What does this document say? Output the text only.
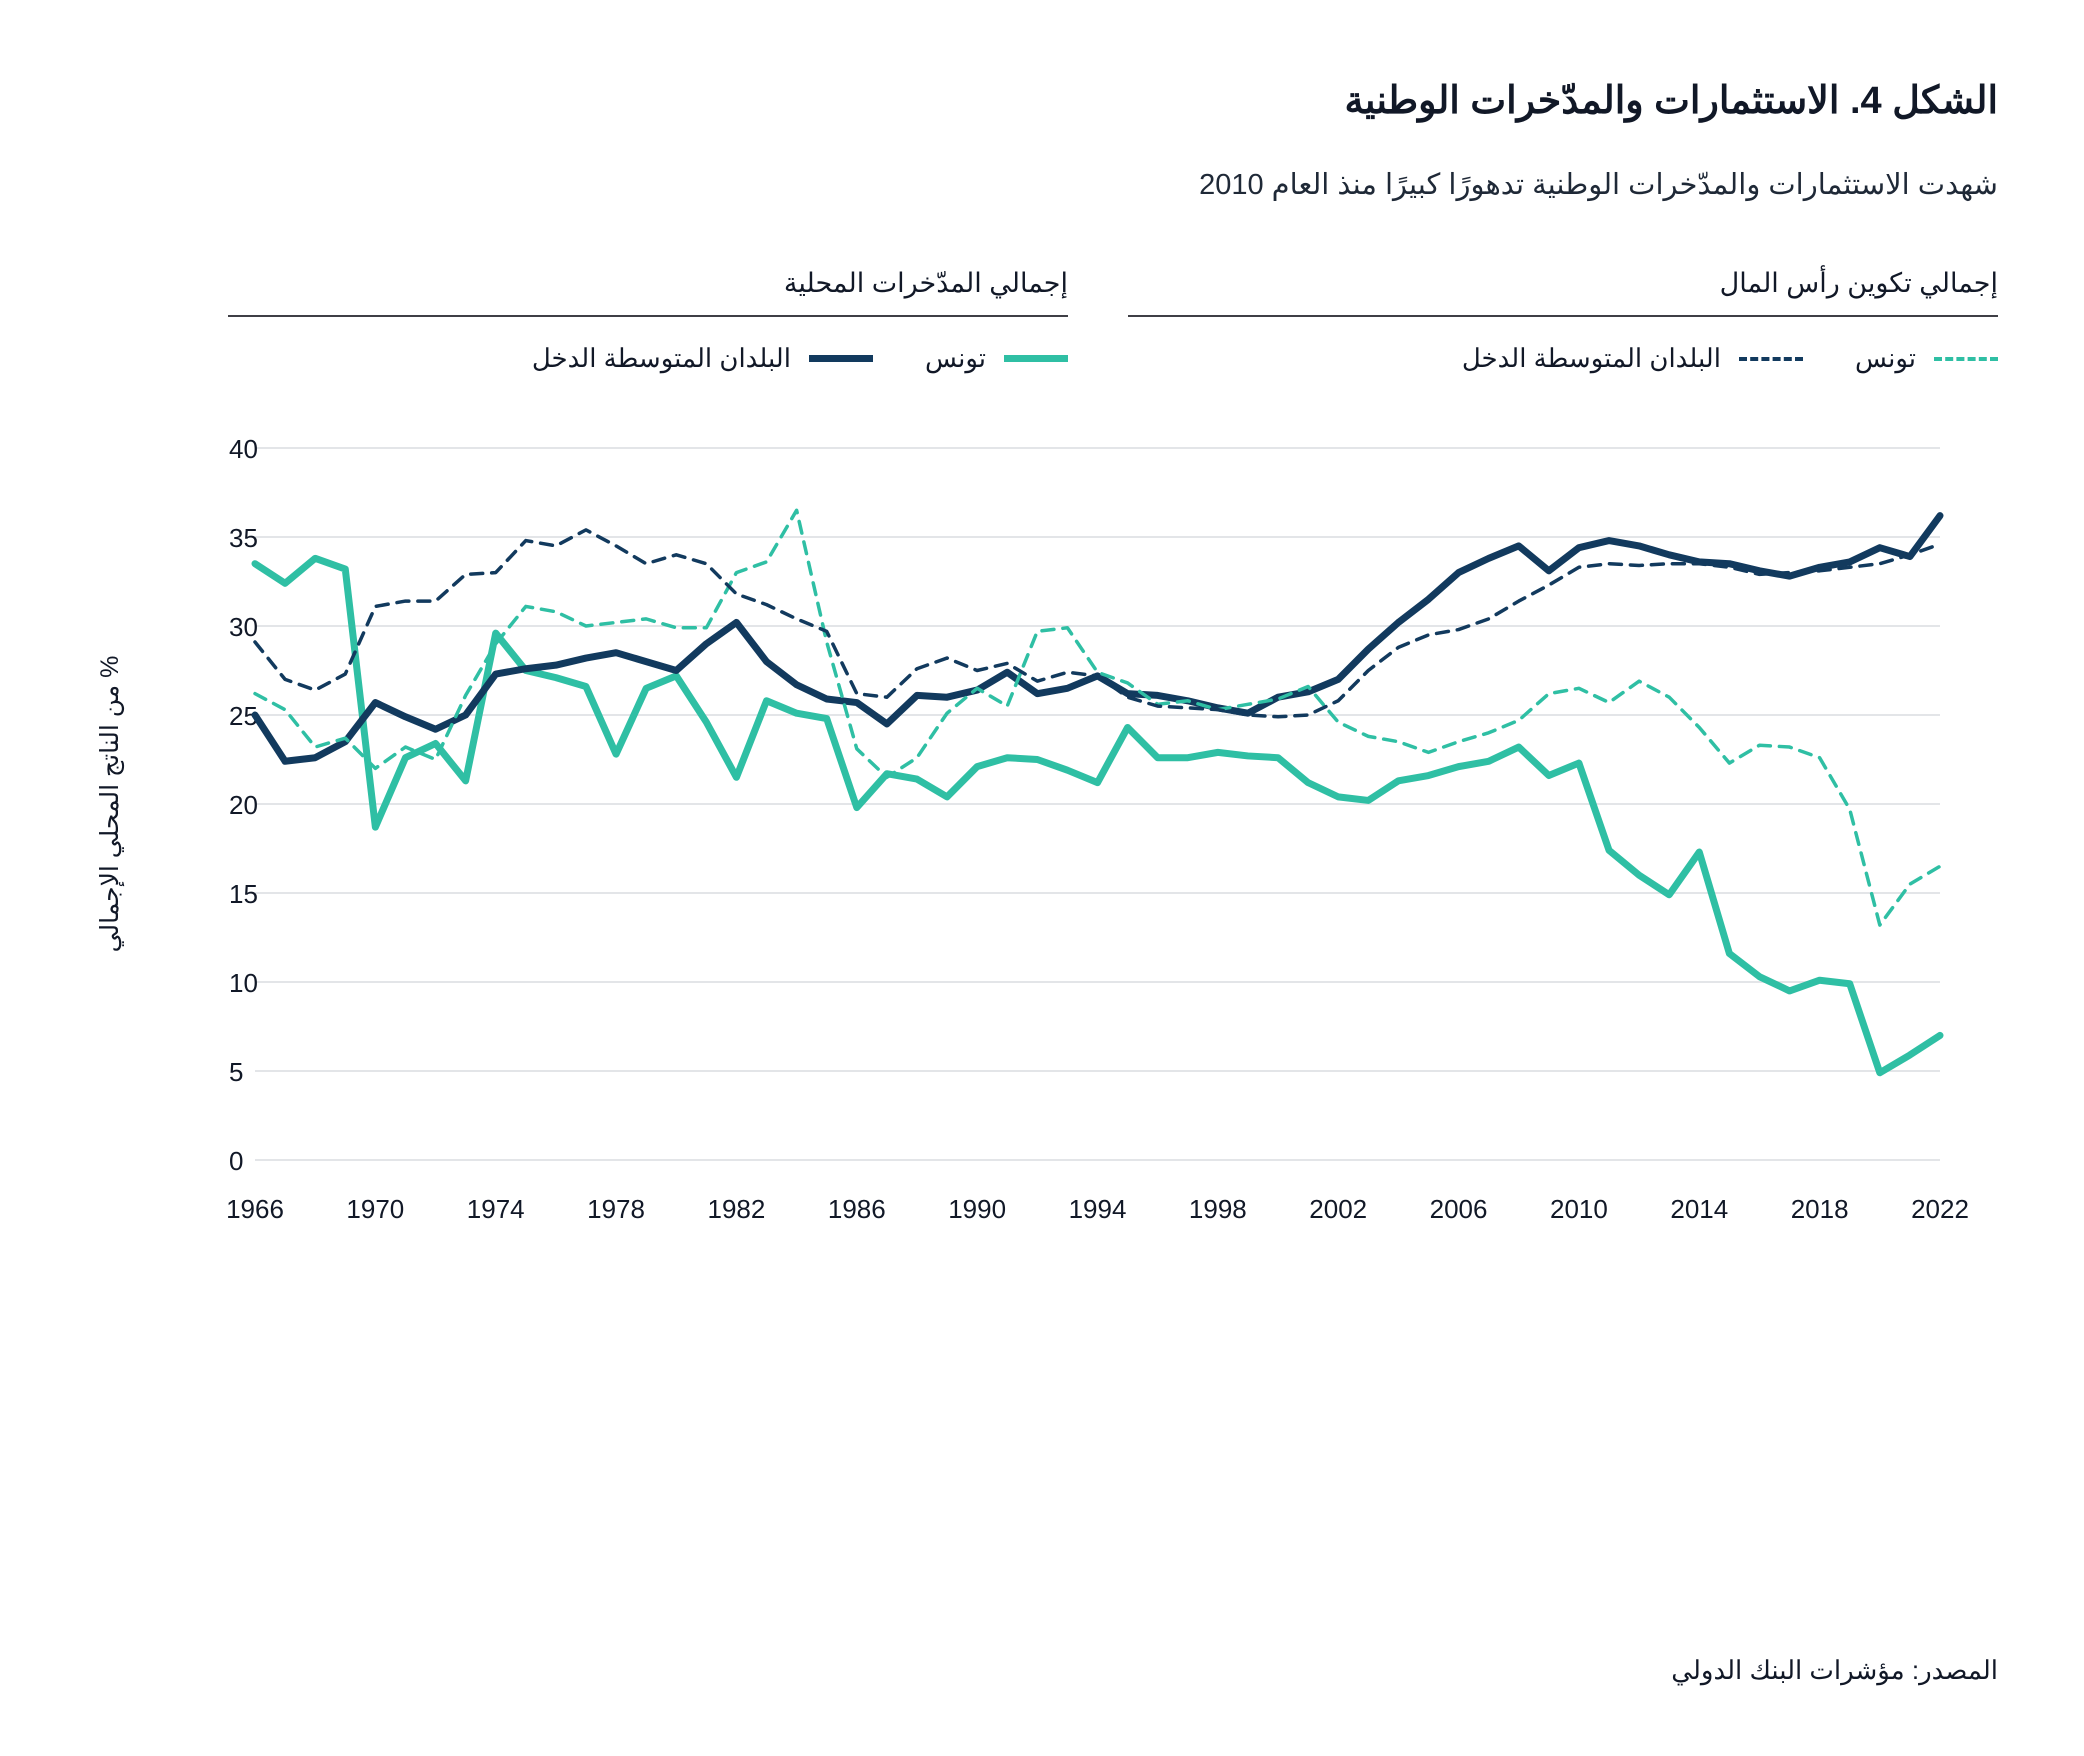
الشكل 4. الاستثمارات والمدّخرات الوطنية
شهدت الاستثمارات والمدّخرات الوطنية تدهورًا كبيرًا منذ العام 2010
إجمالي تكوين رأس المال
تونس
البلدان المتوسطة الدخل
إجمالي المدّخرات المحلية
تونس
البلدان المتوسطة الدخل
0
5
10
15
20
25
30
35
40
1966 1970 1974 1978 1982 1986 1990 1994 1998 2002 2006 2010 2014 2018 2022
% من الناتج المحلي الإجمالي
المصدر: مؤشرات البنك الدولي
